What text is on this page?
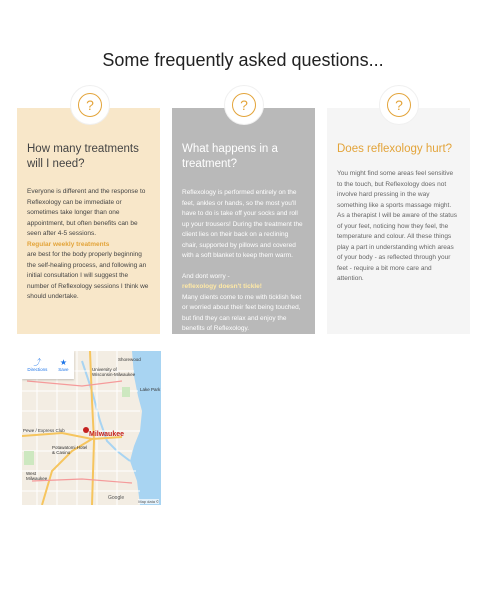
Some frequently asked questions...
How many treatments will I need?
Everyone is different and the response to Reflexology can be immediate or sometimes take longer than one appointment, but often benefits can be seen after 4-5 sessions.
Regular weekly treatments
are best for the body properly beginning the self-healing process, and following an initial consultation I will suggest the number of Reflexology sessions I think we should undertake.
?
What happens in a treatment?
Reflexology is performed entirely on the feet, ankles or hands, so the most you'll have to do is take off your socks and roll up your trousers! During the treatment the client lies on their back on a reclining chair, supported by pillows and covered with a soft blanket to keep them warm.
And dont worry -
reflexology doesn't tickle!
Many clients come to me with ticklish feet or worried about their feet being touched, but find they can relax and enjoy the benefits of Reflexology.
?
Does reflexology hurt?
You might find some areas feel sensitive to the touch, but Reflexology does not involve hard pressing in the way something like a sports massage might. As a therapist I will be aware of the status of your feet, noticing how they feel, the temperature and colour. All these things play a part in understanding which areas of your body - as reflected through your feet - require a bit more care and attention.
?
⤴
Directions
★
Save
Shorewood
University of Wisconsin-Milwaukee
Lake Park
Pewe / Express Club
Milwaukee
Potawatomi Hotel & Casino
West Milwaukee
Google
Map data ©
